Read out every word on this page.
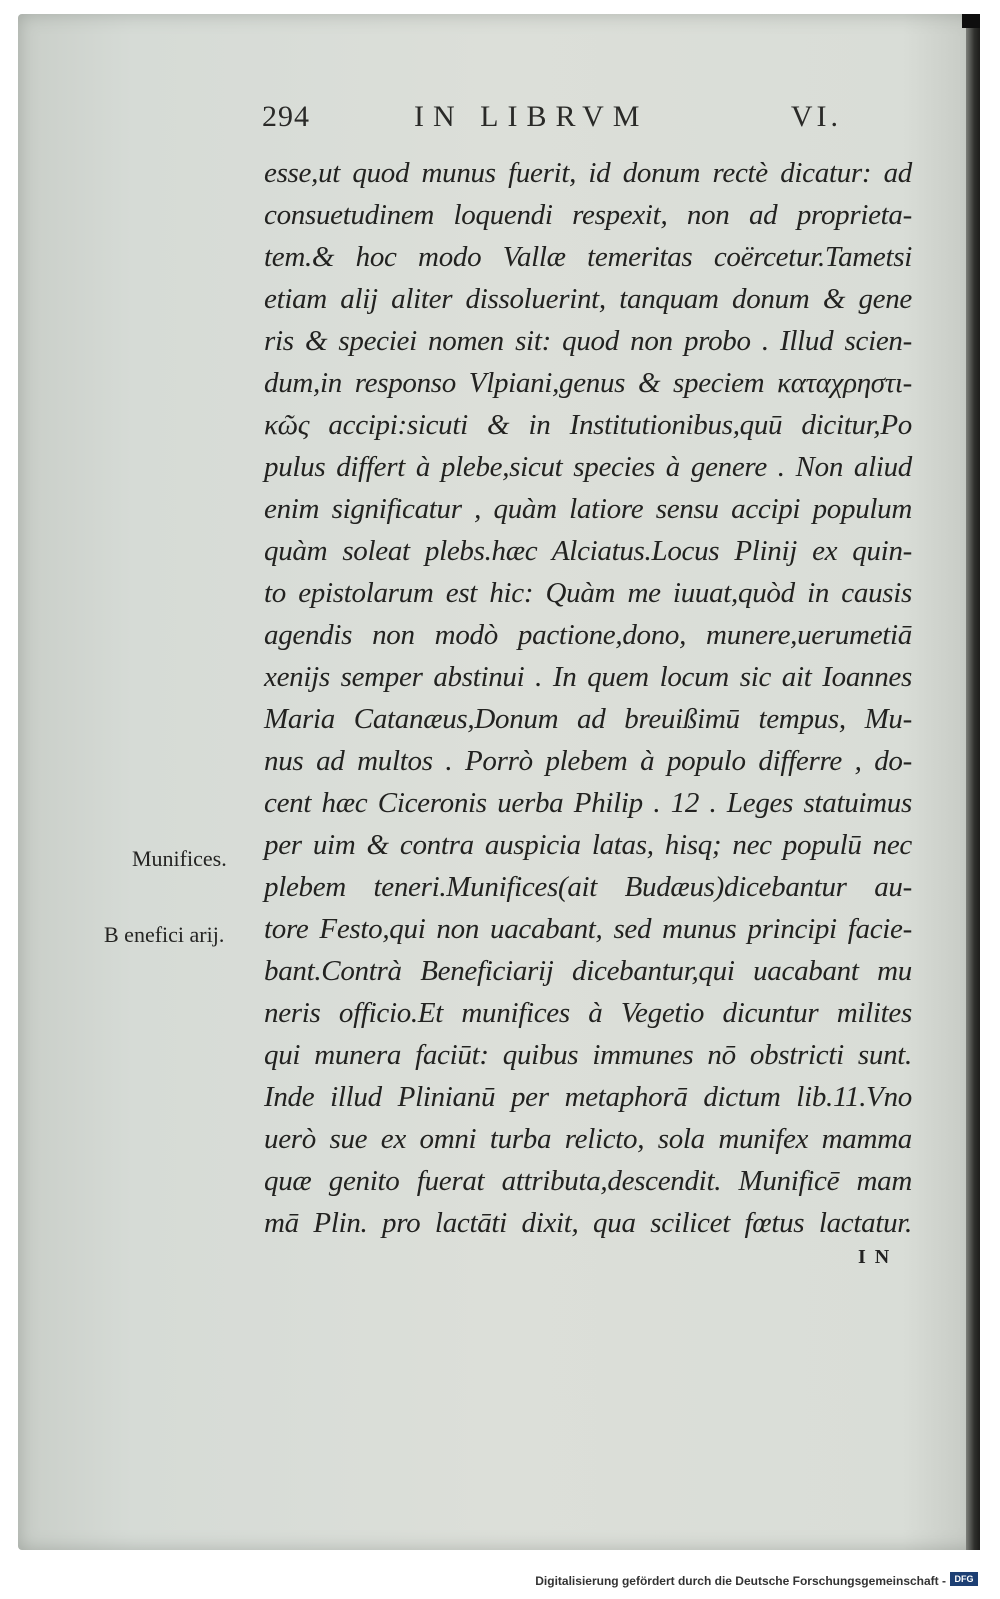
294	IN LIBRVM	VI.
esse,ut quod munus fuerit, id donum rectè dicatur: ad
consuetudinem loquendi respexit, non ad proprieta-
tem.& hoc modo Vallæ temeritas coërcetur.Tametsi
etiam alij aliter dissoluerint, tanquam donum & gene
ris & speciei nomen sit: quod non probo . Illud scien-
dum,in responso Vlpiani,genus & speciem καταχρηστι-
κῶς accipi:sicuti & in Institutionibus,quū dicitur,Po
pulus differt à plebe,sicut species à genere . Non aliud
enim significatur , quàm latiore sensu accipi populum
quàm soleat plebs.hæc Alciatus.Locus Plinij ex quin-
to epistolarum est hic: Quàm me iuuat,quòd in causis
agendis non modò pactione,dono, munere,uerumetiā
xenijs semper abstinui . In quem locum sic ait Ioannes
Maria Catanæus,Donum ad breuißimū tempus, Mu-
nus ad multos . Porrò plebem à populo differre , do-
cent hæc Ciceronis uerba Philip . 12 . Leges statuimus
per uim & contra auspicia latas, hisq; nec populū nec
plebem teneri.Munifices(ait Budæus)dicebantur au-
tore Festo,qui non uacabant, sed munus principi facie-
bant.Contrà Beneficiarij dicebantur,qui uacabant mu
neris officio.Et munifices à Vegetio dicuntur milites
qui munera faciūt: quibus immunes nō obstricti sunt.
Inde illud Plinianū per metaphorā dictum lib.11.Vno
uerò sue ex omni turba relicto, sola munifex mamma
quæ genito fuerat attributa,descendit. Munificē mam
mā Plin. pro lactāti dixit, qua scilicet fœtus lactatur.
Munifices.
B enefici arij.
I N
Digitalisierung gefördert durch die Deutsche Forschungsgemeinschaft - DFG
